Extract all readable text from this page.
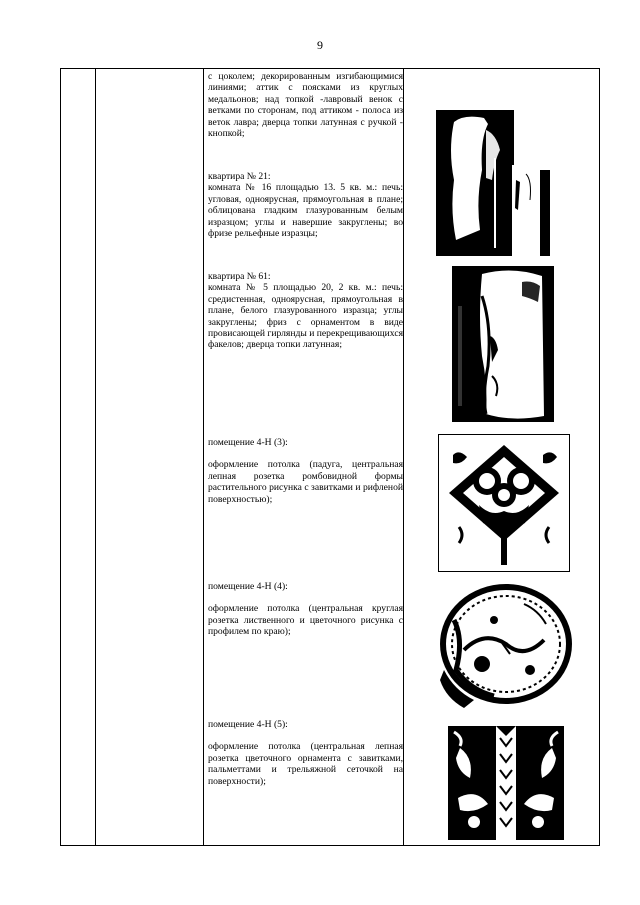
9

с цоколем; декорированным изгибающимися линиями; аттик с поясками из круглых медальонов; над топкой -лавровый венок с ветками по сторонам, под аттиком - полоса из веток лавра; дверца топки латунная с ручкой - кнопкой;

квартира № 21:

комната № 16 площадью 13. 5 кв. м.: печь: угловая, одноярусная, прямоугольная в плане; облицована гладким глазурованным белым изразцом; углы и навершие закруглены; во фризе рельефные изразцы;

квартира № 61:

комната № 5 площадью 20, 2 кв. м.: печь: средистенная, одноярусная, прямоугольная в плане, белого глазурованного изразца; углы закруглены; фриз с орнаментом в виде провисающей гирлянды и перекрещивающихся факелов; дверца топки латунная;

помещение 4-Н (3):

оформление потолка (падуга, центральная лепная розетка ромбовидной формы растительного рисунка с завитками и рифленой поверхностью);

помещение 4-Н (4):

оформление потолка (центральная круглая розетка лиственного и цветочного рисунка с профилем по краю);

помещение 4-Н (5):

оформление потолка (центральная лепная розетка цветочного орнамента с завитками, пальметтами и трельяжной сеточкой на поверхности);
